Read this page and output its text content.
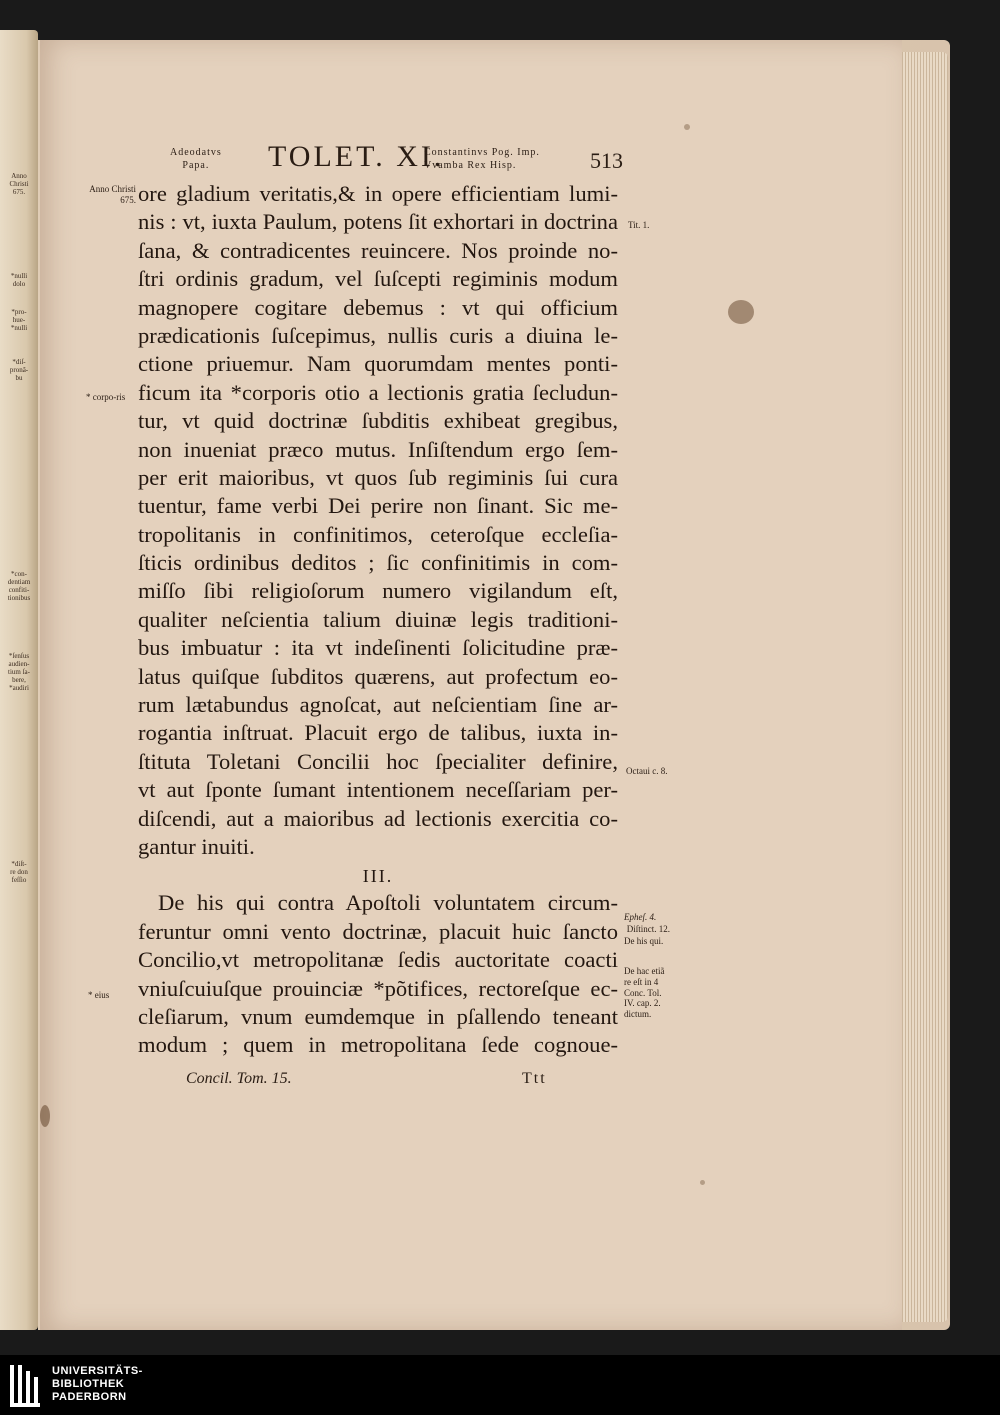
Anno
Christi
675.
*nulli
dolo
*pro-
hue-
*nulli
*diſ-
pronã-
bu
*con-
dentiam
confiti-
tionibus
*ſenſus
audien-
tium ſa-
bere,
*audiri
*diſt-
re don
feſſio
Adeodatvs
Papa.	TOLET. XI.
Constantinvs Pog. Imp.
Vvamba Rex Hisp.	513
Anno Christi 675.
* corpo-ris
* eius
Tit. 1.
Octaui c. 8.
Epheſ. 4.
Diſtinct. 12.
De his qui.
De hac etiã re eſt in 4 Conc. Tol. IV. cap. 2. dictum.
ore gladium veritatis,& in opere efficientiam lumi-
nis : vt, iuxta Paulum, potens ſit exhortari in doctrina
ſana, & contradicentes reuincere. Nos proinde no-
ſtri ordinis gradum, vel ſuſcepti regiminis modum
magnopere cogitare debemus : vt qui officium
prædicationis ſuſcepimus, nullis curis a diuina le-
ctione priuemur. Nam quorumdam mentes ponti-
ficum ita *corporis otio a lectionis gratia ſecludun-
tur, vt quid doctrinæ ſubditis exhibeat gregibus,
non inueniat præco mutus. Inſiſtendum ergo ſem-
per erit maioribus, vt quos ſub regiminis ſui cura
tuentur, fame verbi Dei perire non ſinant. Sic me-
tropolitanis in confinitimos, ceteroſque eccleſia-
ſticis ordinibus deditos ; ſic confinitimis in com-
miſſo ſibi religioſorum numero vigilandum eſt,
qualiter neſcientia talium diuinæ legis traditioni-
bus imbuatur : ita vt indeſinenti ſolicitudine præ-
latus quiſque ſubditos quærens, aut profectum eo-
rum lætabundus agnoſcat, aut neſcientiam ſine ar-
rogantia inſtruat. Placuit ergo de talibus, iuxta in-
ſtituta Toletani Concilii hoc ſpecialiter definire,
vt aut ſponte ſumant intentionem neceſſariam per-
diſcendi, aut a maioribus ad lectionis exercitia co-
gantur inuiti.
III.
De his qui contra Apoſtoli voluntatem circum-
feruntur omni vento doctrinæ, placuit huic ſancto
Concilio,vt metropolitanæ ſedis auctoritate coacti
vniuſcuiuſque prouinciæ *põtifices, rectoreſque ec-
cleſiarum, vnum eumdemque in pſallendo teneant
modum ; quem in metropolitana ſede cognoue-
Concil. Tom. 15.	Ttt
UNIVERSITÄTS-
BIBLIOTHEK
PADERBORN
